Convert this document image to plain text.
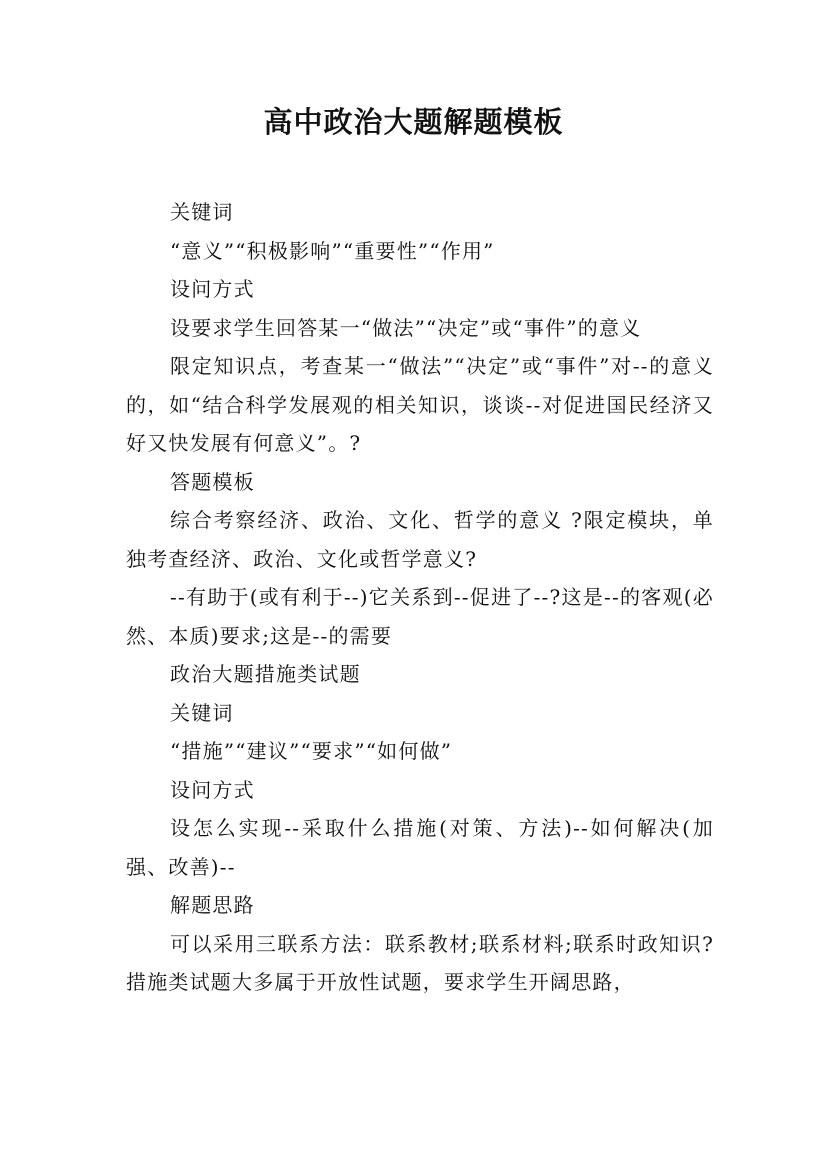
高中政治大题解题模板

关键词

“意义”“积极影响”“重要性”“作用”

设问方式

设要求学生回答某一“做法”“决定”或“事件”的意义

限定知识点，考查某一“做法”“决定”或“事件”对--的意义的，如“结合科学发展观的相关知识，谈谈--对促进国民经济又好又快发展有何意义”。?

答题模板

综合考察经济、政治、文化、哲学的意义 ?限定模块，单独考查经济、政治、文化或哲学意义?

--有助于(或有利于--)它关系到--促进了--?这是--的客观(必然、本质)要求;这是--的需要

政治大题措施类试题

关键词

“措施”“建议”“要求”“如何做”

设问方式

设怎么实现--采取什么措施(对策、方法)--如何解决(加强、改善)--

解题思路

可以采用三联系方法：联系教材;联系材料;联系时政知识?措施类试题大多属于开放性试题，要求学生开阔思路，
